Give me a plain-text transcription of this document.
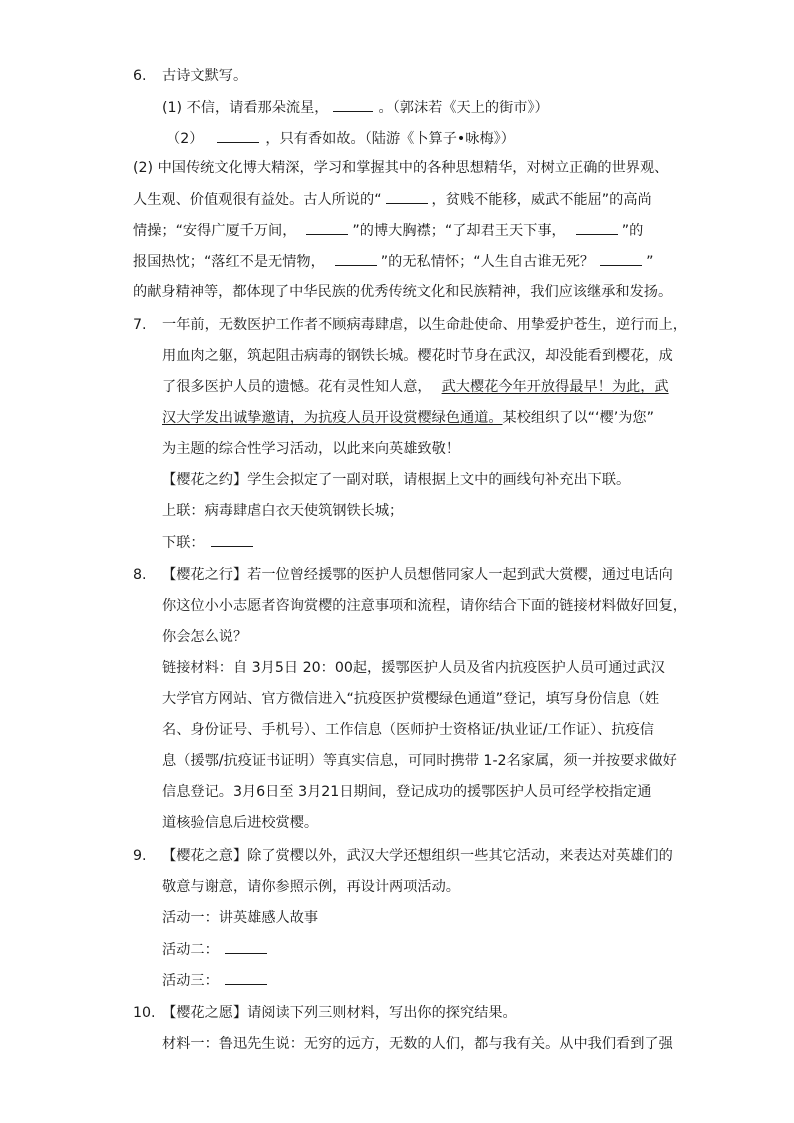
6. 古诗文默写。
(1) 不信，请看那朵流星，	。（郭沫若《天上的街市》）
（2）	，只有香如故。（陆游《卜算子•咏梅》）
(2) 中国传统文化博大精深，学习和掌握其中的各种思想精华，对树立正确的世界观、
人生观、价值观很有益处。古人所说的“	，贫贱不能移，威武不能屈”的高尚
情操；“安得广厦千万间，	”的博大胸襟；“了却君王天下事，	”的
报国热忱；“落红不是无情物，	”的无私情怀；“人生自古谁无死？	”
的献身精神等，都体现了中华民族的优秀传统文化和民族精神，我们应该继承和发扬。
7. 一年前，无数医护工作者不顾病毒肆虐，以生命赴使命、用挚爱护苍生，逆行而上，
用血肉之躯，筑起阻击病毒的钢铁长城。樱花时节身在武汉，却没能看到樱花，成
了很多医护人员的遗憾。花有灵性知人意， 武大樱花今年开放得最早！为此，武
汉大学发出诚挚邀请，为抗疫人员开设赏樱绿色通道。某校组织了以“‘樱’为您”
为主题的综合性学习活动，以此来向英雄致敬！
【樱花之约】学生会拟定了一副对联，请根据上文中的画线句补充出下联。
上联：病毒肆虐白衣天使筑钢铁长城；
下联：
8. 【樱花之行】若一位曾经援鄂的医护人员想偕同家人一起到武大赏樱，通过电话向
你这位小小志愿者咨询赏樱的注意事项和流程，请你结合下面的链接材料做好回复，
你会怎么说？
链接材料：自 3月5日 20：00起，援鄂医护人员及省内抗疫医护人员可通过武汉
大学官方网站、官方微信进入“抗疫医护赏樱绿色通道”登记，填写身份信息（姓
名、身份证号、手机号）、工作信息（医师护士资格证/执业证/工作证）、抗疫信
息（援鄂/抗疫证书证明）等真实信息，可同时携带 1-2名家属，须一并按要求做好
信息登记。3月6日至 3月21日期间，登记成功的援鄂医护人员可经学校指定通
道核验信息后进校赏樱。
9. 【樱花之意】除了赏樱以外，武汉大学还想组织一些其它活动，来表达对英雄们的
敬意与谢意，请你参照示例，再设计两项活动。
活动一：讲英雄感人故事
活动二：
活动三：
10. 【樱花之愿】请阅读下列三则材料，写出你的探究结果。
材料一：鲁迅先生说：无穷的远方，无数的人们，都与我有关。从中我们看到了强
